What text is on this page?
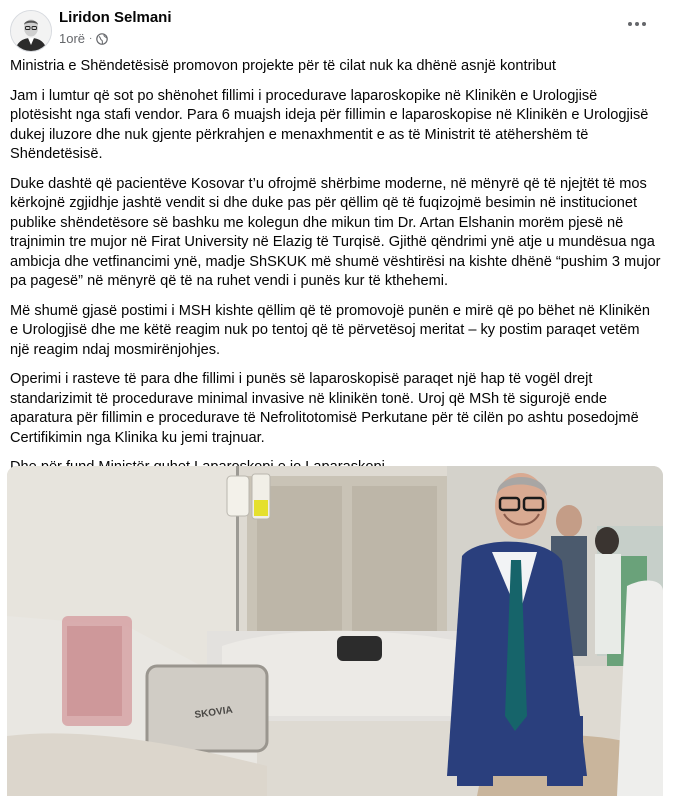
Liridon Selmani
1orë ·

Ministria e Shëndetësisë promovon projekte për të cilat nuk ka dhënë asnjë kontribut

Jam i lumtur që sot po shënohet fillimi i procedurave laparoskopike në Klinikën e Urologjisë plotësisht nga stafi vendor. Para 6 muajsh ideja për fillimin e laparoskopise në Klinikën e Urologjisë dukej iluzore dhe nuk gjente përkrahjen e menaxhmentit e as të Ministrit të atëhershëm të Shëndetësisë.

Duke dashtë që pacientëve Kosovar t’u ofrojmë shërbime moderne, në mënyrë që të njejtët të mos kërkojnë zgjidhje jashtë vendit si dhe duke pas për qëllim që të fuqizojmë besimin në institucionet publike shëndetësore së bashku me kolegun dhe mikun tim Dr. Artan Elshanin morëm pjesë në trajnimin tre mujor në Firat University në Elazig të Turqisë. Gjithë qëndrimi ynë atje u mundësua nga ambicja dhe vetfinancimi ynë, madje ShSKUK më shumë vështirësi na kishte dhënë “pushim 3 mujor pa pagesë” në mënyrë që të na ruhet vendi i punës kur të kthehemi.

Më shumë gjasë postimi i MSH kishte qëllim që të promovojë punën e mirë që po bëhet në Klinikën e Urologjisë dhe me këtë reagim nuk po tentoj që të përvetësoj meritat – ky postim paraqet vetëm një reagim ndaj mosmirënjohjes.

Operimi i rasteve të para dhe fillimi i punës së laparoskopisë paraqet një hap të vogël drejt standarizimit të procedurave minimal invasive në klinikën tonë. Uroj që MSh të sigurojë ende aparatura për fillimin e procedurave të Nefrolitotomisë Perkutane për të cilën po ashtu posedojmë Certifikimin nga Klinika ku jemi trajnuar.

SKOVIA
